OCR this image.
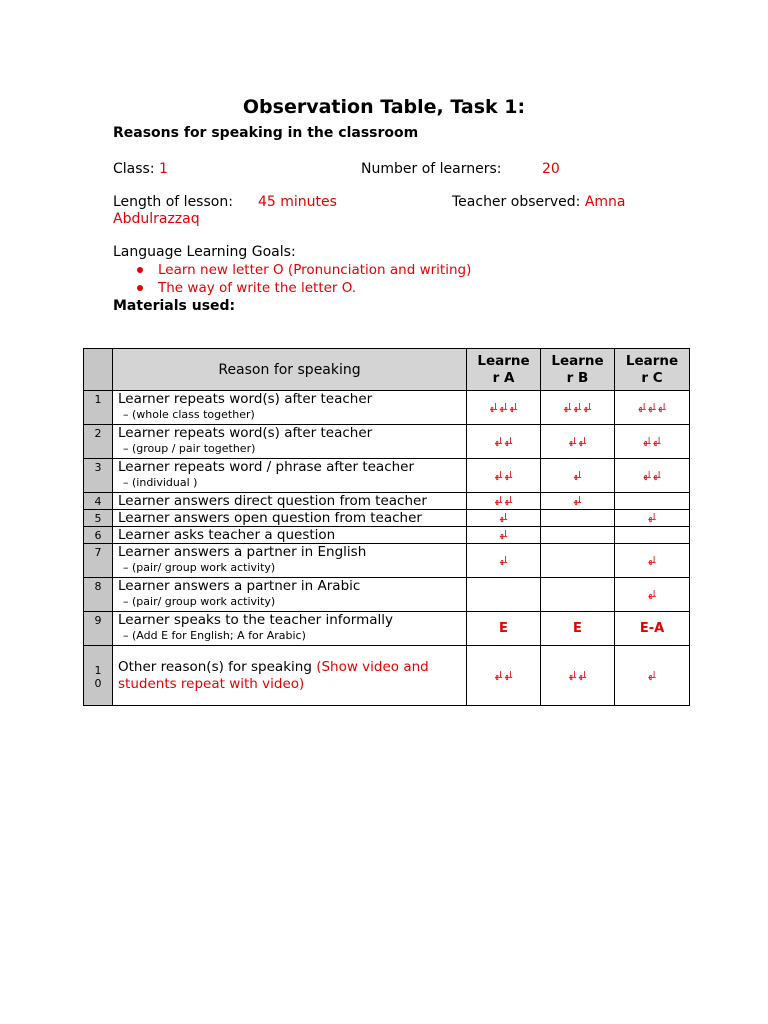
Observation Table, Task 1:
Reasons for speaking in the classroom
Class: 1	Number of learners:	20
Length of lesson: 45 minutes	Teacher observed: Amna
Abdulrazzaq
Language Learning Goals:
Learn new letter O (Pronunciation and writing)
The way of write the letter O.
Materials used:
	Reason for speaking	Learne
r A	Learne
r B	Learne
r C
1	Learner repeats word(s) after teacher
– (whole class together)	ﻠﻬ ﻠﻬ ﻠﻬ	ﻠﻬ ﻠﻬ ﻠﻬ	ﻠﻬ ﻠﻬ ﻠﻬ
2	Learner repeats word(s) after teacher
– (group / pair together)	ﻠﻬ ﻠﻬ	ﻠﻬ ﻠﻬ	ﻠﻬ ﻠﻬ
3	Learner repeats word / phrase after teacher
– (individual )	ﻠﻬ ﻠﻬ	ﻠﻬ	ﻠﻬ ﻠﻬ
4	Learner answers direct question from teacher	ﻠﻬ ﻠﻬ	ﻠﻬ	
5	Learner answers open question from teacher	ﻠﻬ		ﻠﻬ
6	Learner asks teacher a question	ﻠﻬ		
7	Learner answers a partner in English
– (pair/ group work activity)	ﻠﻬ		ﻠﻬ
8	Learner answers a partner in Arabic
– (pair/ group work activity)			ﻠﻬ
9	Learner speaks to the teacher informally
– (Add E for English; A for Arabic)	E	E	E-A
1
0	Other reason(s) for speaking (Show video and students repeat with video)	ﻠﻬ ﻠﻬ	ﻠﻬ ﻠﻬ	ﻠﻬ
